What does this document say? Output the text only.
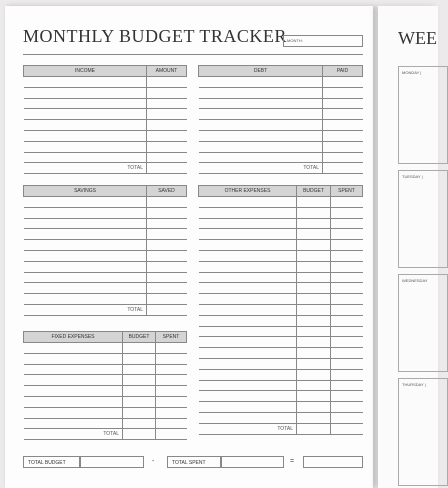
MONTHLY BUDGET TRACKER MONTH:
INCOME	AMOUNT

TOTAL	
DEBT	PAID

TOTAL	
SAVINGS	SAVED

TOTAL	
OTHER EXPENSES	BUDGET	SPENT

TOTAL		
FIXED EXPENSES	BUDGET	SPENT

TOTAL		
TOTAL BUDGET	-	TOTAL SPENT	=
WEE
MONDAY |
TUESDAY |
WEDNESDAY
THURSDAY |
